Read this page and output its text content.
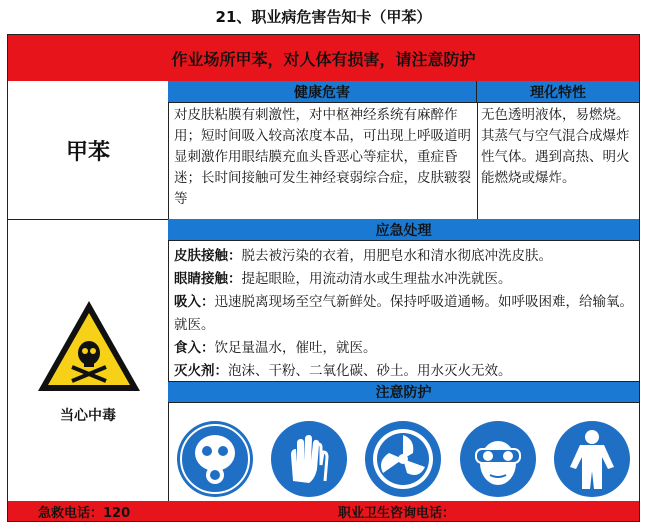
21、职业病危害告知卡（甲苯）
作业场所甲苯，对人体有损害，请注意防护
甲苯
健康危害	理化特性
对皮肤粘膜有刺激性，对中枢神经系统有麻醉作用；短时间吸入较高浓度本品，可出现上呼吸道明显刺激作用眼结膜充血头昏恶心等症状，重症昏迷；长时间接触可发生神经衰弱综合症，皮肤皲裂等
无色透明液体，易燃烧。其蒸气与空气混合成爆炸性气体。遇到高热、明火能燃烧或爆炸。
当心中毒
应急处理

皮肤接触：脱去被污染的衣着，用肥皂水和清水彻底冲洗皮肤。

眼睛接触：提起眼睑，用流动清水或生理盐水冲洗就医。

吸入：迅速脱离现场至空气新鲜处。保持呼吸道通畅。如呼吸困难，给输氧。就医。

食入：饮足量温水，催吐，就医。

灭火剂：泡沫、干粉、二氧化碳、砂土。用水灭火无效。

注意防护
急救电话：120	职业卫生咨询电话：
